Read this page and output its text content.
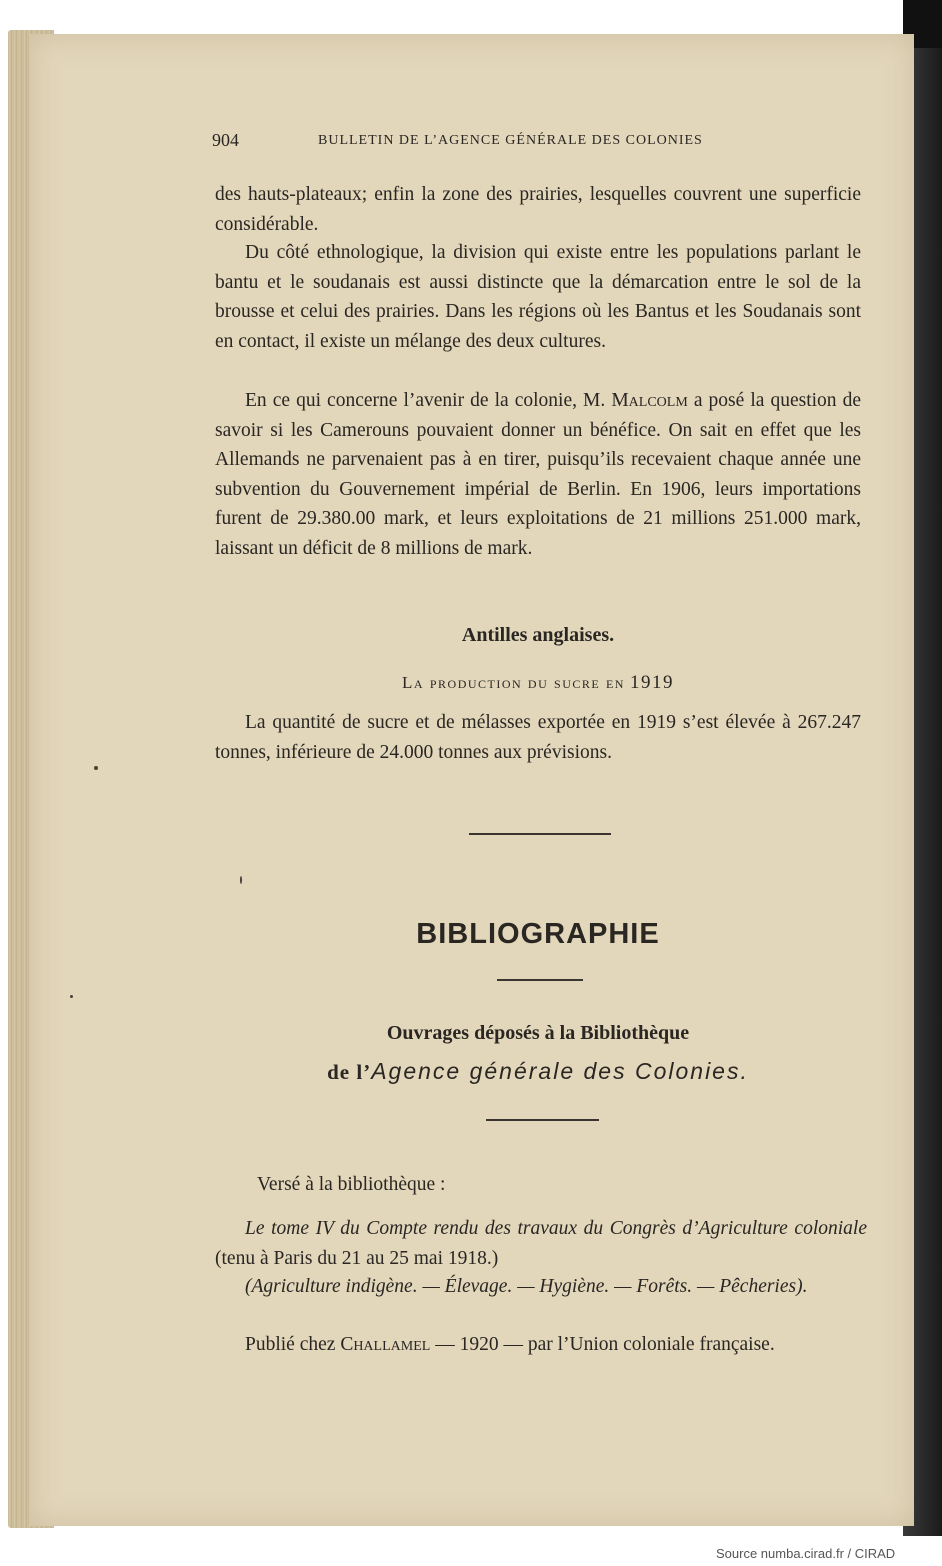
904	BULLETIN DE L’AGENCE GÉNÉRALE DES COLONIES

des hauts-plateaux; enfin la zone des prairies, lesquelles couvrent une superficie considérable.

Du côté ethnologique, la division qui existe entre les populations parlant le bantu et le soudanais est aussi distincte que la démarcation entre le sol de la brousse et celui des prairies. Dans les régions où les Bantus et les Soudanais sont en contact, il existe un mélange des deux cultures.

En ce qui concerne l’avenir de la colonie, M. Malcolm a posé la question de savoir si les Camerouns pouvaient donner un bénéfice. On sait en effet que les Allemands ne parvenaient pas à en tirer, puisqu’ils recevaient chaque année une subvention du Gouvernement impérial de Berlin. En 1906, leurs importations furent de 29.380.00 mark, et leurs exploitations de 21 millions 251.000 mark, laissant un déficit de 8 millions de mark.

Antilles anglaises.

La production du sucre en 1919

La quantité de sucre et de mélasses exportée en 1919 s’est élevée à 267.247 tonnes, inférieure de 24.000 tonnes aux prévisions.

BIBLIOGRAPHIE

Ouvrages déposés à la Bibliothèque

de l’Agence générale des Colonies.

Versé à la bibliothèque :

Le tome IV du Compte rendu des travaux du Congrès d’Agriculture coloniale (tenu à Paris du 21 au 25 mai 1918.)

(Agriculture indigène. — Élevage. — Hygiène. — Forêts. — Pêcheries).

Publié chez Challamel — 1920 — par l’Union coloniale française.

Source numba.cirad.fr / CIRAD
